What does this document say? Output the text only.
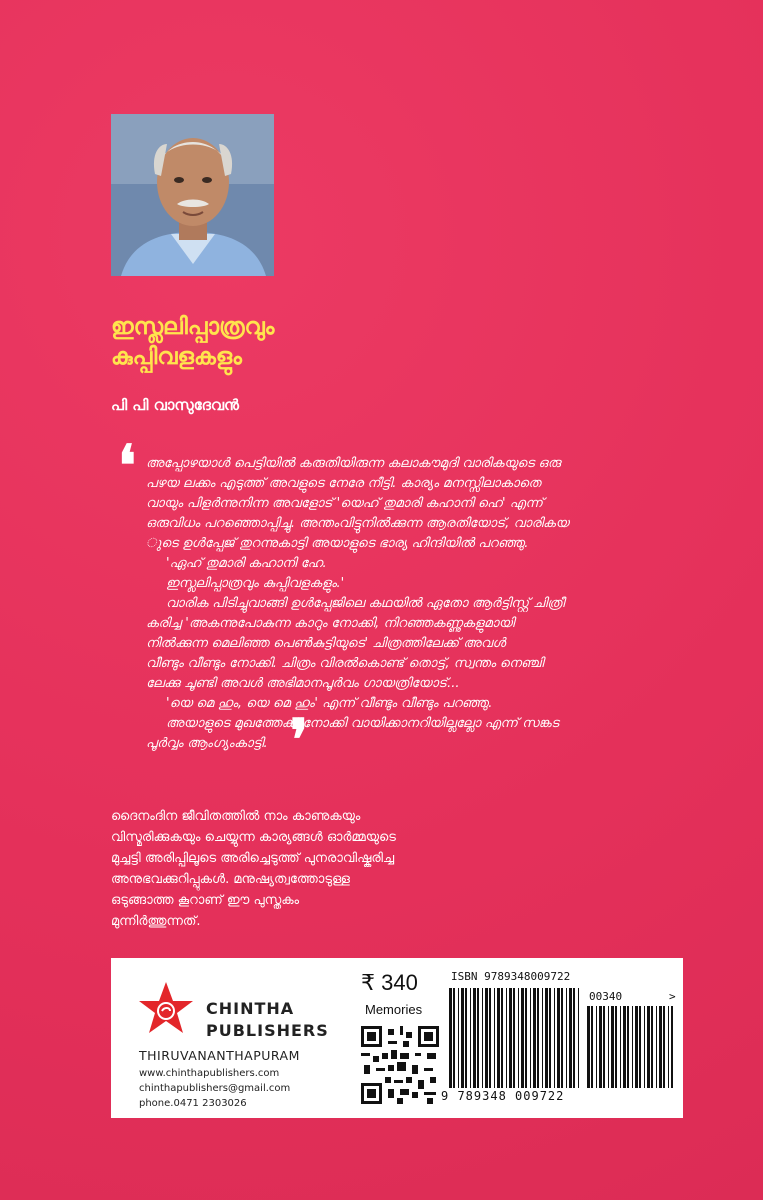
ഇസ്ലലിപ്പാത്രവും
കുപ്പിവളകളും
പി പി വാസുദേവൻ
❛ അപ്പോഴയാൾ പെട്ടിയിൽ കരുതിയിരുന്ന കലാകൗമുദി വാരികയുടെ ഒരു

പഴയ ലക്കം എടുത്ത് അവളുടെ നേരേ നീട്ടി. കാര്യം മനസ്സിലാകാതെ

വായും പിളർന്നുനിന്ന അവളോട് 'യെഹ് തുമാരി കഹാനി ഹെ' എന്ന്

ഒരുവിധം പറഞ്ഞൊപ്പിച്ചു. അന്തംവിട്ടുനിൽക്കുന്ന ആരതിയോട്, വാരികയ

ുടെ ഉൾപ്പേജ് തുറന്നുകാട്ടി അയാളുടെ ഭാര്യ ഹിന്ദിയിൽ പറഞ്ഞു.

'ഏഹ് തുമാരി കഹാനി ഹേ.

ഇസ്ലലിപ്പാത്രവും കുപ്പിവളകളും.'

വാരിക പിടിച്ചുവാങ്ങി ഉൾപ്പേജിലെ കഥയിൽ ഏതോ ആർട്ടിസ്റ്റ് ചിത്രീ

കരിച്ച 'അകന്നുപോകുന്ന കാറും നോക്കി, നിറഞ്ഞകണ്ണുകളുമായി

നിൽക്കുന്ന മെലിഞ്ഞ പെൺകുട്ടിയുടെ' ചിത്രത്തിലേക്ക് അവൾ

വീണ്ടും വീണ്ടും നോക്കി. ചിത്രം വിരൽകൊണ്ട് തൊട്ട്, സ്വന്തം നെഞ്ചി

ലേക്കു ചൂണ്ടി അവൾ അഭിമാനപൂർവം ഗായത്രിയോട്...

'യെ മെ ഹും, യെ മെ ഹും' എന്ന് വീണ്ടും വീണ്ടും പറഞ്ഞു.

അയാളുടെ മുഖത്തേക്ക് നോക്കി വായിക്കാനറിയില്ലല്ലോ എന്ന് സങ്കട

പൂർവ്വം ആംഗ്യംകാട്ടി. ❜

ദൈനംദിന ജീവിതത്തിൽ നാം കാണുകയും

വിസ്മരിക്കുകയും ചെയ്യുന്ന കാര്യങ്ങൾ ഓർമ്മയുടെ

മുച്ചട്ടി അരിപ്പിലൂടെ അരിച്ചെടുത്ത് പുനരാവിഷ്കരിച്ച

അനുഭവക്കുറിപ്പുകൾ. മനുഷ്യത്വത്തോടുള്ള

ഒടുങ്ങാത്ത കൂറാണ് ഈ പുസ്തകം

മുന്നിർത്തുന്നത്.

CHINTHA
PUBLISHERS
THIRUVANANTHAPURAM
www.chinthapublishers.com
chinthapublishers@gmail.com
phone.0471 2303026
₹ 340
Memories
ISBN 9789348009722
00340	>
9 789348 009722
